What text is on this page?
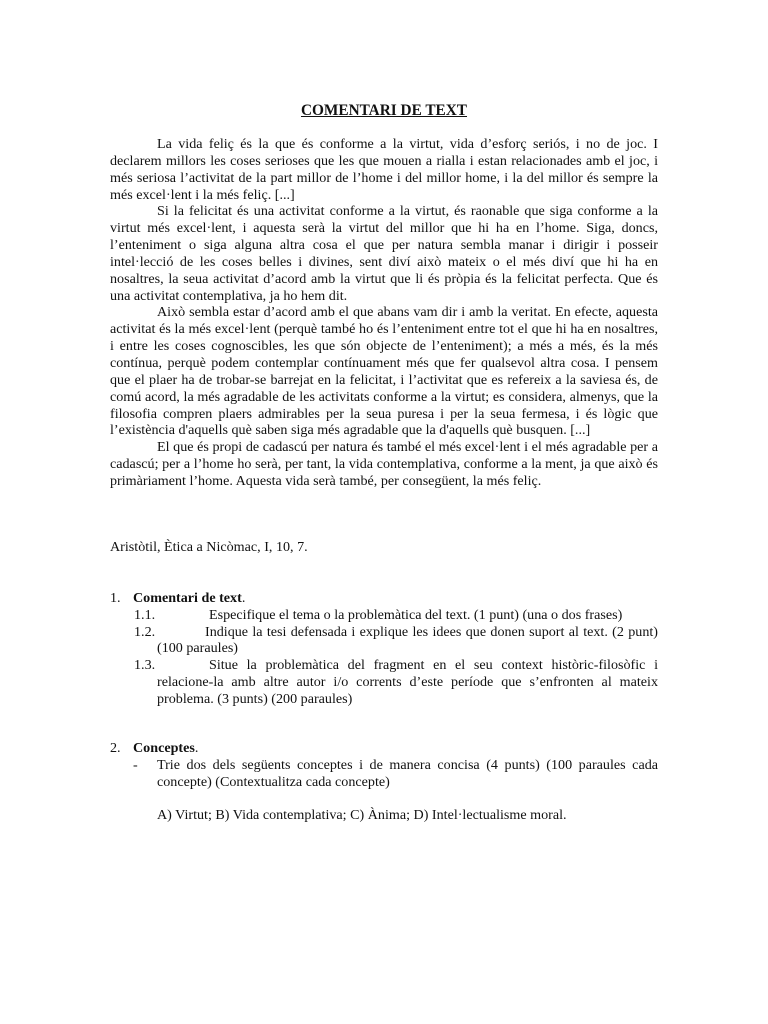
COMENTARI DE TEXT

La vida feliç és la que és conforme a la virtut, vida d’esforç seriós, i no de joc. I declarem millors les coses serioses que les que mouen a rialla i estan relacionades amb el joc, i més seriosa l’activitat de la part millor de l’home i del millor home, i la del millor és sempre la més excel·lent i la més feliç. [...]

Si la felicitat és una activitat conforme a la virtut, és raonable que siga conforme a la virtut més excel·lent, i aquesta serà la virtut del millor que hi ha en l’home. Siga, doncs, l’enteniment o siga alguna altra cosa el que per natura sembla manar i dirigir i posseir intel·lecció de les coses belles i divines, sent diví això mateix o el més diví que hi ha en nosaltres, la seua activitat d’acord amb la virtut que li és pròpia és la felicitat perfecta. Que és una activitat contemplativa, ja ho hem dit.

Això sembla estar d’acord amb el que abans vam dir i amb la veritat. En efecte, aquesta activitat és la més excel·lent (perquè també ho és l’enteniment entre tot el que hi ha en nosaltres, i entre les coses cognoscibles, les que són objecte de l’enteniment); a més a més, és la més contínua, perquè podem contemplar contínuament més que fer qualsevol altra cosa. I pensem que el plaer ha de trobar-se barrejat en la felicitat, i l’activitat que es refereix a la saviesa és, de comú acord, la més agradable de les activitats conforme a la virtut; es considera, almenys, que la filosofia compren plaers admirables per la seua puresa i per la seua fermesa, i és lògic que l’existència d'aquells què saben siga més agradable que la d'aquells què busquen. [...]

El que és propi de cadascú per natura és també el més excel·lent i el més agradable per a cadascú; per a l’home ho serà, per tant, la vida contemplativa, conforme a la ment, ja que això és primàriament l’home. Aquesta vida serà també, per consegüent, la més feliç.

Aristòtil, Ètica a Nicòmac, I, 10, 7.
1. Comentari de text.
1.1.	Especifique el tema o la problemàtica del text. (1 punt) (una o dos frases)
1.2.	Indique la tesi defensada i explique les idees que donen suport al text. (2 punt) (100 paraules)
1.3.	Situe la problemàtica del fragment en el seu context històric-filosòfic i relacione-la amb altre autor i/o corrents d’este període que s’enfronten al mateix problema. (3 punts) (200 paraules)
2. Conceptes.
- Trie dos dels següents conceptes i de manera concisa (4 punts) (100 paraules cada concepte) (Contextualitza cada concepte)
A) Virtut; B) Vida contemplativa; C) Ànima; D) Intel·lectualisme moral.
